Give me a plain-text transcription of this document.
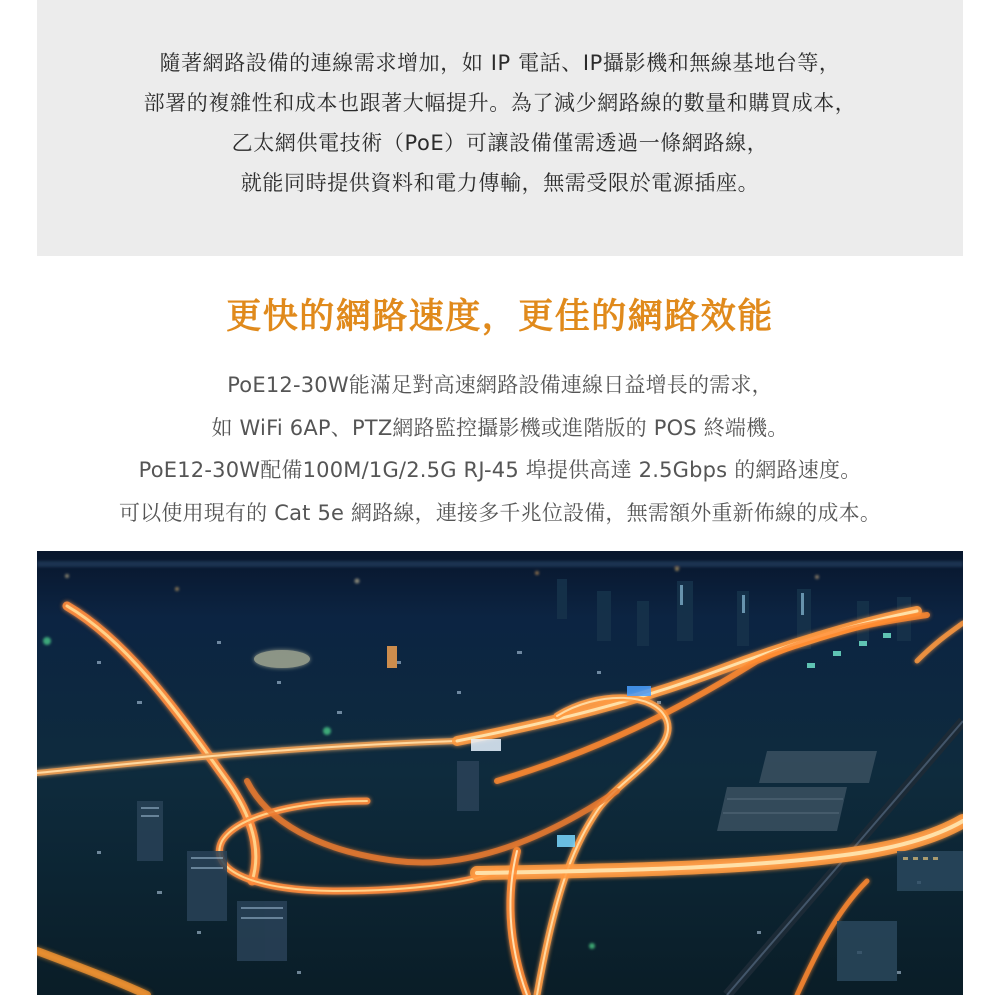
隨著網路設備的連線需求增加，如 IP 電話、IP攝影機和無線基地台等，

部署的複雜性和成本也跟著大幅提升。為了減少網路線的數量和購買成本，

乙太網供電技術（PoE）可讓設備僅需透過一條網路線，

就能同時提供資料和電力傳輸，無需受限於電源插座。

更快的網路速度，更佳的網路效能

PoE12-30W能滿足對高速網路設備連線日益增長的需求，

如 WiFi 6AP、PTZ網路監控攝影機或進階版的 POS 終端機。

PoE12-30W配備100M/1G/2.5G RJ-45 埠提供高達 2.5Gbps 的網路速度。

可以使用現有的 Cat 5e 網路線，連接多千兆位設備，無需額外重新佈線的成本。
